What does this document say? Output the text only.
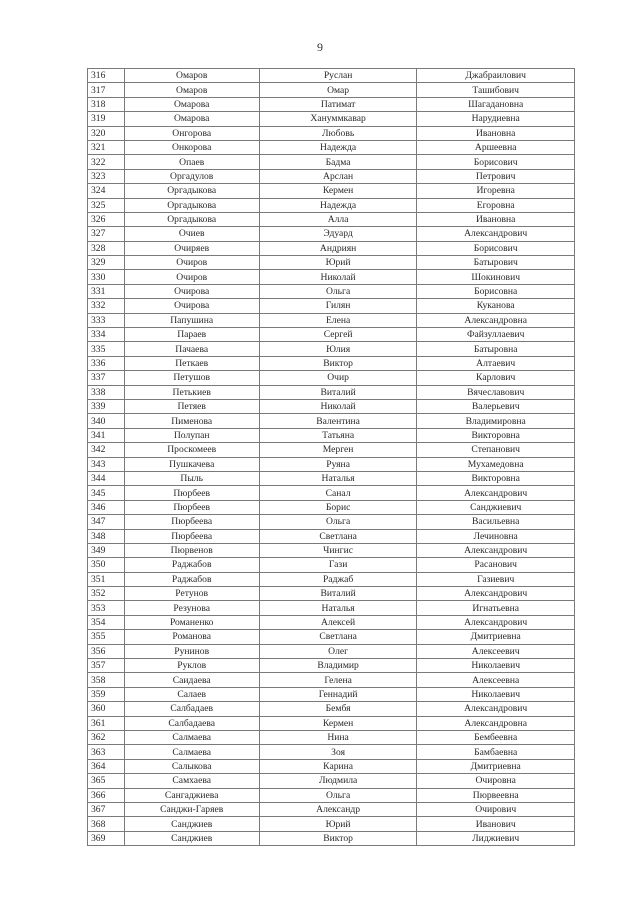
9
316	Омаров	Руслан	Джабраилович
317	Омаров	Омар	Ташибович
318	Омарова	Патимат	Шагадановна
319	Омарова	Хануммкавар	Нарудиевна
320	Онгорова	Любовь	Ивановна
321	Онкорова	Надежда	Аршеевна
322	Опаев	Бадма	Борисович
323	Оргадулов	Арслан	Петрович
324	Оргадыкова	Кермен	Игоревна
325	Оргадыкова	Надежда	Егоровна
326	Оргадыкова	Алла	Ивановна
327	Очиев	Эдуард	Александрович
328	Очиряев	Андриян	Борисович
329	Очиров	Юрий	Батырович
330	Очиров	Николай	Шокинович
331	Очирова	Ольга	Борисовна
332	Очирова	Гилян	Куканова
333	Папушина	Елена	Александровна
334	Параев	Сергей	Файзуллаевич
335	Пачаева	Юлия	Батыровна
336	Петкаев	Виктор	Алтаевич
337	Петушов	Очир	Карлович
338	Петькиев	Виталий	Вячеславович
339	Петяев	Николай	Валерьевич
340	Пименова	Валентина	Владимировна
341	Полупан	Татьяна	Викторовна
342	Проскомеев	Мерген	Степанович
343	Пушкачева	Руяна	Мухамедовна
344	Пыль	Наталья	Викторовна
345	Пюрбеев	Санал	Александрович
346	Пюрбеев	Борис	Санджиевич
347	Пюрбеева	Ольга	Васильевна
348	Пюрбеева	Светлана	Лечиновна
349	Пюрвенов	Чингис	Александрович
350	Раджабов	Гази	Расанович
351	Раджабов	Раджаб	Газиевич
352	Ретунов	Виталий	Александрович
353	Резунова	Наталья	Игнатьевна
354	Романенко	Алексей	Александрович
355	Романова	Светлана	Дмитриевна
356	Рунинов	Олег	Алексеевич
357	Руклов	Владимир	Николаевич
358	Саидаева	Гелена	Алексеевна
359	Салаев	Геннадий	Николаевич
360	Салбадаев	Бембя	Александрович
361	Салбадаева	Кермен	Александровна
362	Салмаева	Нина	Бембеевна
363	Салмаева	Зоя	Бамбаевна
364	Салыкова	Карина	Дмитриевна
365	Самхаева	Людмила	Очировна
366	Сангаджиева	Ольга	Пюрвеевна
367	Санджи-Гаряев	Александр	Очирович
368	Санджиев	Юрий	Иванович
369	Санджиев	Виктор	Лиджиевич
